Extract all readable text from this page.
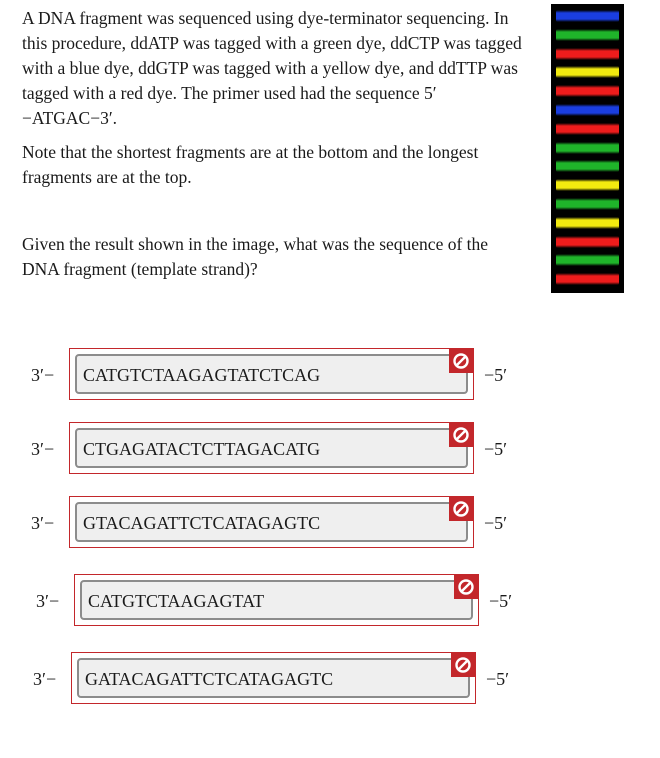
A DNA fragment was sequenced using dye-terminator sequencing. In this procedure, ddATP was tagged with a green dye, ddCTP was tagged with a blue dye, ddGTP was tagged with a yellow dye, and ddTTP was tagged with a red dye. The primer used had the sequence 5′−ATGAC−3′.

Note that the shortest fragments are at the bottom and the longest fragments are at the top.

Given the result shown in the image, what was the sequence of the DNA fragment (template strand)?

3′−	CATGTCTAAGAGTATCTCAG	−5′
3′−	CTGAGATACTCTTAGACATG	−5′
3′−	GTACAGATTCTCATAGAGTC	−5′
3′−	CATGTCTAAGAGTAT	−5′
3′−	GATACAGATTCTCATAGAGTC	−5′
